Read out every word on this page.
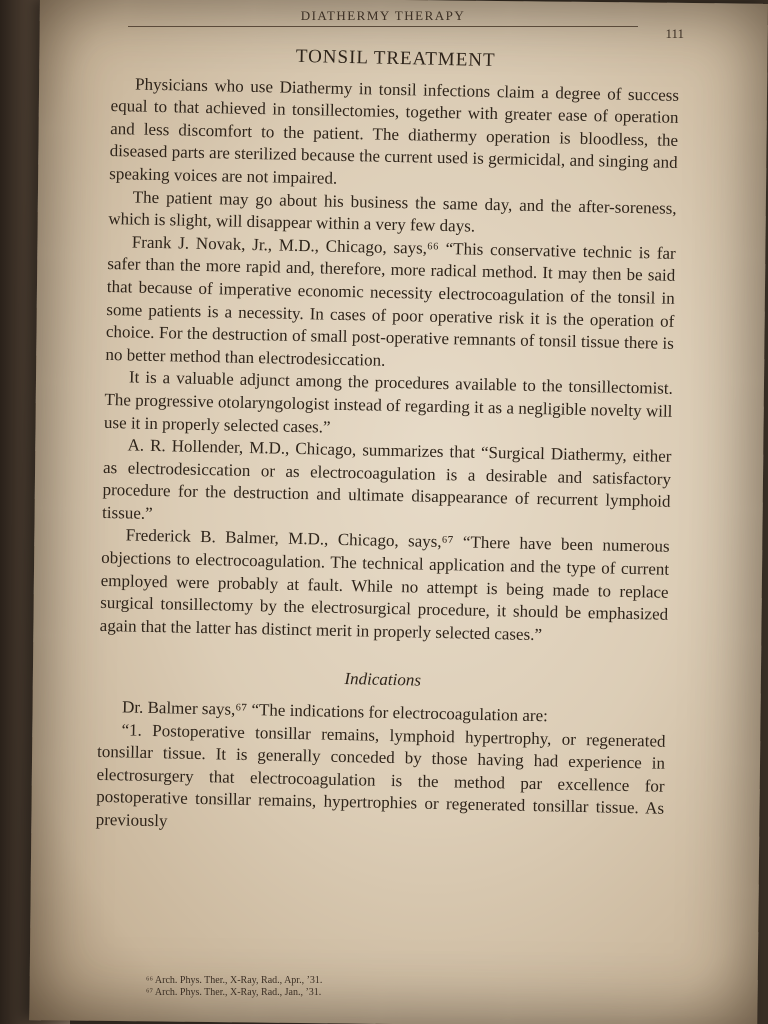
DIATHERMY THERAPY
111
TONSIL TREATMENT

Physicians who use Diathermy in tonsil infections claim a degree of success equal to that achieved in tonsillectomies, together with greater ease of operation and less discomfort to the patient. The diathermy operation is bloodless, the diseased parts are sterilized because the current used is germicidal, and singing and speaking voices are not impaired.

The patient may go about his business the same day, and the after-soreness, which is slight, will disappear within a very few days.

Frank J. Novak, Jr., M.D., Chicago, says,⁶⁶ “This conservative technic is far safer than the more rapid and, therefore, more radical method. It may then be said that because of imperative economic necessity electrocoagulation of the tonsil in some patients is a necessity. In cases of poor operative risk it is the operation of choice. For the destruction of small post-operative remnants of tonsil tissue there is no better method than electrodesiccation.

It is a valuable adjunct among the procedures available to the tonsillectomist. The progressive otolaryngologist instead of regarding it as a negligible novelty will use it in properly selected cases.”

A. R. Hollender, M.D., Chicago, summarizes that “Surgical Diathermy, either as electrodesiccation or as electrocoagulation is a desirable and satisfactory procedure for the destruction and ultimate disappearance of recurrent lymphoid tissue.”

Frederick B. Balmer, M.D., Chicago, says,⁶⁷ “There have been numerous objections to electrocoagulation. The technical application and the type of current employed were probably at fault. While no attempt is being made to replace surgical tonsillectomy by the electrosurgical procedure, it should be emphasized again that the latter has distinct merit in properly selected cases.”

Indications

Dr. Balmer says,⁶⁷ “The indications for electrocoagulation are:

“1. Postoperative tonsillar remains, lymphoid hypertrophy, or regenerated tonsillar tissue. It is generally conceded by those having had experience in electrosurgery that electrocoagulation is the method par excellence for postoperative tonsillar remains, hypertrophies or regenerated tonsillar tissue. As previously

⁶⁶ Arch. Phys. Ther., X-Ray, Rad., Apr., ’31.
⁶⁷ Arch. Phys. Ther., X-Ray, Rad., Jan., ’31.
